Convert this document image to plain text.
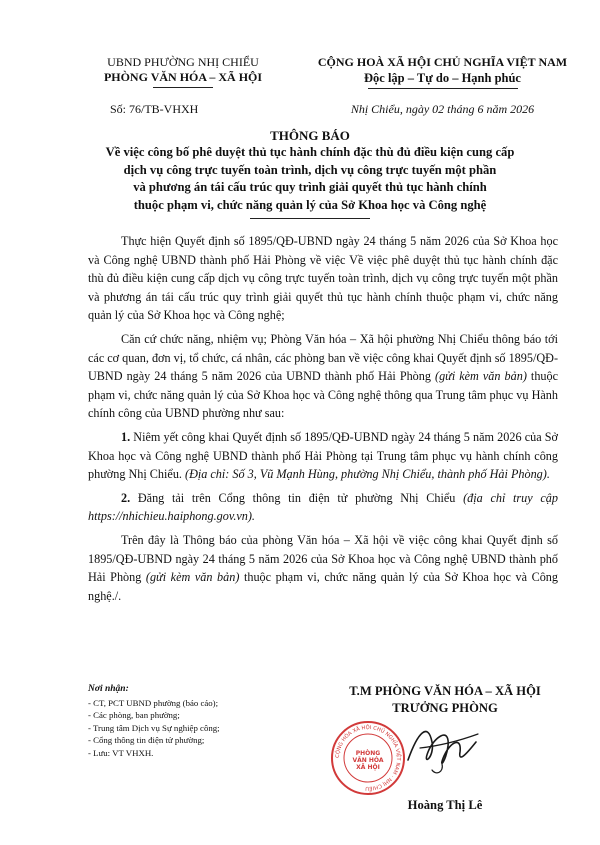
UBND PHƯỜNG NHỊ CHIỂU
PHÒNG VĂN HÓA – XÃ HỘI
CỘNG HOÀ XÃ HỘI CHỦ NGHĨA VIỆT NAM
Độc lập – Tự do – Hạnh phúc
Số: 76/TB-VHXH	Nhị Chiểu, ngày 02 tháng 6 năm 2026
THÔNG BÁO
Về việc công bố phê duyệt thủ tục hành chính đặc thù đủ điều kiện cung cấp
dịch vụ công trực tuyến toàn trình, dịch vụ công trực tuyến một phần
và phương án tái cấu trúc quy trình giải quyết thủ tục hành chính
thuộc phạm vi, chức năng quản lý của Sở Khoa học và Công nghệ

Thực hiện Quyết định số 1895/QĐ-UBND ngày 24 tháng 5 năm 2026 của Sở Khoa học và Công nghệ UBND thành phố Hải Phòng về việc Về việc phê duyệt thủ tục hành chính đặc thù đủ điều kiện cung cấp dịch vụ công trực tuyến toàn trình, dịch vụ công trực tuyến một phần và phương án tái cấu trúc quy trình giải quyết thủ tục hành chính thuộc phạm vi, chức năng quản lý của Sở Khoa học và Công nghệ;

Căn cứ chức năng, nhiệm vụ; Phòng Văn hóa – Xã hội phường Nhị Chiểu thông báo tới các cơ quan, đơn vị, tổ chức, cá nhân, các phòng ban về việc công khai Quyết định số 1895/QĐ-UBND ngày 24 tháng 5 năm 2026 của UBND thành phố Hải Phòng (gửi kèm văn bản) thuộc phạm vi, chức năng quản lý của Sở Khoa học và Công nghệ thông qua Trung tâm phục vụ Hành chính công của UBND phường như sau:

1. Niêm yết công khai Quyết định số 1895/QĐ-UBND ngày 24 tháng 5 năm 2026 của Sở Khoa học và Công nghệ UBND thành phố Hải Phòng tại Trung tâm phục vụ hành chính công phường Nhị Chiểu. (Địa chỉ: Số 3, Vũ Mạnh Hùng, phường Nhị Chiểu, thành phố Hải Phòng).

2. Đăng tải trên Cổng thông tin điện tử phường Nhị Chiểu (địa chỉ truy cập https://nhichieu.haiphong.gov.vn).

Trên đây là Thông báo của phòng Văn hóa – Xã hội về việc công khai Quyết định số 1895/QĐ-UBND ngày 24 tháng 5 năm 2026 của Sở Khoa học và Công nghệ UBND thành phố Hải Phòng (gửi kèm văn bản) thuộc phạm vi, chức năng quản lý của Sở Khoa học và Công nghệ./.

Nơi nhận:
- CT, PCT UBND phường (báo cáo);
- Các phòng, ban phường;
- Trung tâm Dịch vụ Sự nghiệp công;
- Cổng thông tin điện tử phường;
- Lưu: VT VHXH.
T.M PHÒNG VĂN HÓA – XÃ HỘI
TRƯỞNG PHÒNG
CỘNG HÒA XÃ HỘI CHỦ NGHĨA VIỆT NAM · NHỊ CHIỂU
PHÒNG
VĂN HÓA
XÃ HỘI
Hoàng Thị Lê
